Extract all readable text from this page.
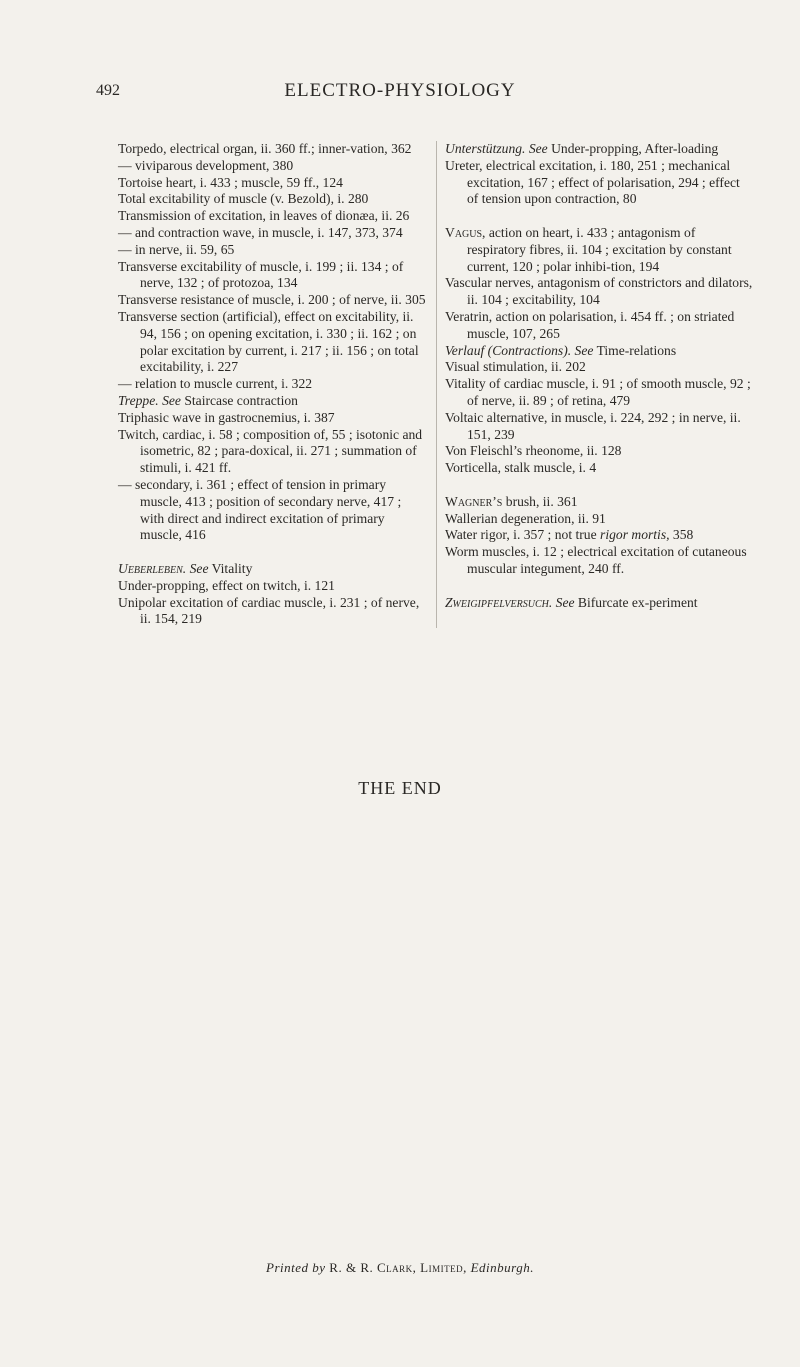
492	ELECTRO-PHYSIOLOGY

Torpedo, electrical organ, ii. 360 ff.; inner-vation, 362

— viviparous development, 380

Tortoise heart, i. 433 ; muscle, 59 ff., 124

Total excitability of muscle (v. Bezold), i. 280

Transmission of excitation, in leaves of dionæa, ii. 26

— and contraction wave, in muscle, i. 147, 373, 374

— in nerve, ii. 59, 65

Transverse excitability of muscle, i. 199 ; ii. 134 ; of nerve, 132 ; of protozoa, 134

Transverse resistance of muscle, i. 200 ; of nerve, ii. 305

Transverse section (artificial), effect on excitability, ii. 94, 156 ; on opening excitation, i. 330 ; ii. 162 ; on polar excitation by current, i. 217 ; ii. 156 ; on total excitability, i. 227

— relation to muscle current, i. 322

Treppe. See Staircase contraction

Triphasic wave in gastrocnemius, i. 387

Twitch, cardiac, i. 58 ; composition of, 55 ; isotonic and isometric, 82 ; para-doxical, ii. 271 ; summation of stimuli, i. 421 ff.

— secondary, i. 361 ; effect of tension in primary muscle, 413 ; position of secondary nerve, 417 ; with direct and indirect excitation of primary muscle, 416

Ueberleben. See Vitality

Under-propping, effect on twitch, i. 121

Unipolar excitation of cardiac muscle, i. 231 ; of nerve, ii. 154, 219

Unterstützung. See Under-propping, After-loading

Ureter, electrical excitation, i. 180, 251 ; mechanical excitation, 167 ; effect of polarisation, 294 ; effect of tension upon contraction, 80

Vagus, action on heart, i. 433 ; antagonism of respiratory fibres, ii. 104 ; excitation by constant current, 120 ; polar inhibi-tion, 194

Vascular nerves, antagonism of constrictors and dilators, ii. 104 ; excitability, 104

Veratrin, action on polarisation, i. 454 ff. ; on striated muscle, 107, 265

Verlauf (Contractions). See Time-relations

Visual stimulation, ii. 202

Vitality of cardiac muscle, i. 91 ; of smooth muscle, 92 ; of nerve, ii. 89 ; of retina, 479

Voltaic alternative, in muscle, i. 224, 292 ; in nerve, ii. 151, 239

Von Fleischl’s rheonome, ii. 128

Vorticella, stalk muscle, i. 4

Wagner’s brush, ii. 361

Wallerian degeneration, ii. 91

Water rigor, i. 357 ; not true rigor mortis, 358

Worm muscles, i. 12 ; electrical excitation of cutaneous muscular integument, 240 ff.

Zweigipfelversuch. See Bifurcate ex-periment

THE END
Printed by R. & R. Clark, Limited, Edinburgh.
